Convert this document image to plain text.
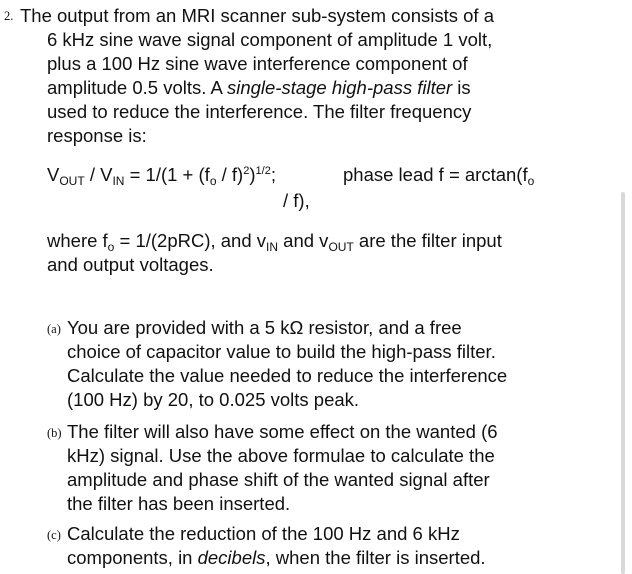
2. The output from an MRI scanner sub-system consists of a
6 kHz sine wave signal component of amplitude 1 volt,
plus a 100 Hz sine wave interference component of
amplitude 0.5 volts. A single-stage high-pass filter is
used to reduce the interference. The filter frequency
response is:
$V_{OUT} / V_{IN} = 1/(1 + (f_o / f)^2)^{1/2}$;	phase lead $f = \arctan(f_o$
/ f),
where $f_o = 1/(2pRC)$, and $v_{IN}$ and $v_{OUT}$ are the filter input
and output voltages.
(a) You are provided with a 5 kΩ resistor, and a free
choice of capacitor value to build the high-pass filter.
Calculate the value needed to reduce the interference
(100 Hz) by 20, to 0.025 volts peak.
(b) The filter will also have some effect on the wanted (6
kHz) signal. Use the above formulae to calculate the
amplitude and phase shift of the wanted signal after
the filter has been inserted.
(c) Calculate the reduction of the 100 Hz and 6 kHz
components, in decibels, when the filter is inserted.
